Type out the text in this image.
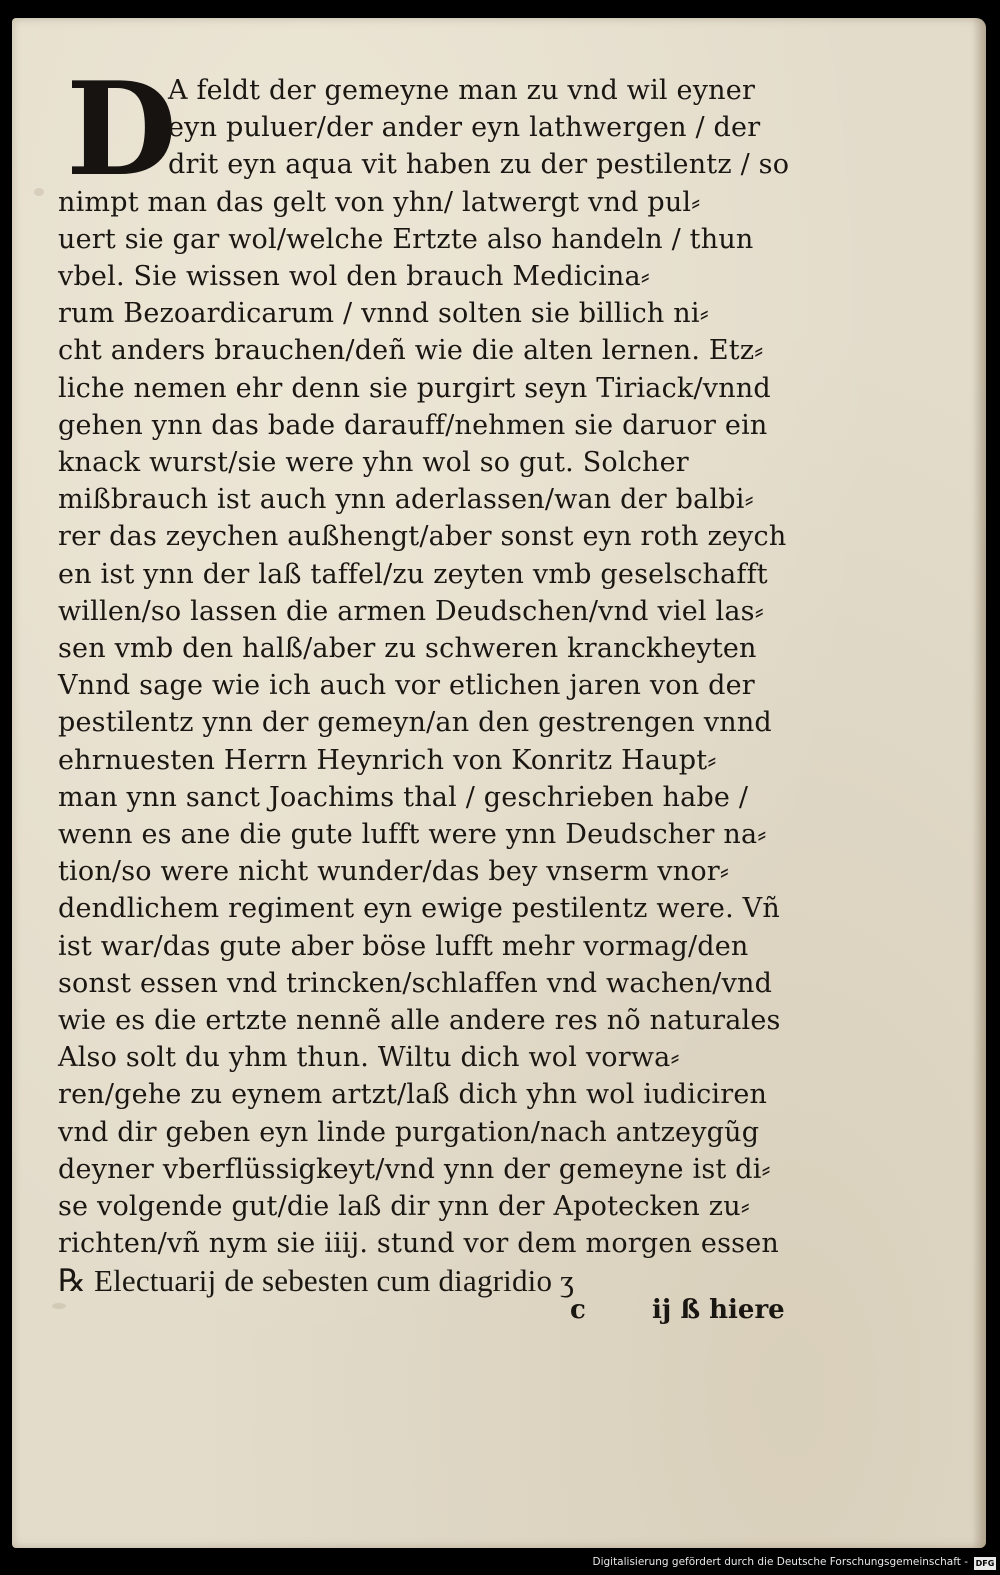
D
A feldt der gemeyne man zu vnd wil eyner
eyn puluer/der ander eyn lathwergen / der
drit eyn aqua vit haben zu der pestilentz / so
nimpt man das gelt von yhn/ latwergt vnd pul⸗
uert sie gar wol/welche Ertzte also handeln / thun
vbel. Sie wissen wol den brauch Medicina⸗
rum Bezoardicarum / vnnd solten sie billich ni⸗
cht anders brauchen/deñ wie die alten lernen. Etz⸗
liche nemen ehr denn sie purgirt seyn Tiriack/vnnd
gehen ynn das bade darauff/nehmen sie daruor ein
knack wurst/sie were yhn wol so gut. Solcher
mißbrauch ist auch ynn aderlassen/wan der balbi⸗
rer das zeychen außhengt/aber sonst eyn roth zeych
en ist ynn der laß taffel/zu zeyten vmb geselschafft
willen/so lassen die armen Deudschen/vnd viel las⸗
sen vmb den halß/aber zu schweren kranckheyten
Vnnd sage wie ich auch vor etlichen jaren von der
pestilentz ynn der gemeyn/an den gestrengen vnnd
ehrnuesten Herrn Heynrich von Konritz Haupt⸗
man ynn sanct Joachims thal / geschrieben habe /
wenn es ane die gute lufft were ynn Deudscher na⸗
tion/so were nicht wunder/das bey vnserm vnor⸗
dendlichem regiment eyn ewige pestilentz were. Vñ
ist war/das gute aber böse lufft mehr vormag/den
sonst essen vnd trincken/schlaffen vnd wachen/vnd
wie es die ertzte nennẽ alle andere res nõ naturales
Also solt du yhm thun. Wiltu dich wol vorwa⸗
ren/gehe zu eynem artzt/laß dich yhn wol iudiciren
vnd dir geben eyn linde purgation/nach antzeygũg
deyner vberflüssigkeyt/vnd ynn der gemeyne ist di⸗
se volgende gut/die laß dir ynn der Apotecken zu⸗
richten/vñ nym sie iiij. stund vor dem morgen essen
℞ Electuarij de sebesten cum diagridio ʒ
c	ij ß hiere
Digitalisierung gefördert durch die Deutsche Forschungsgemeinschaft - DFG
